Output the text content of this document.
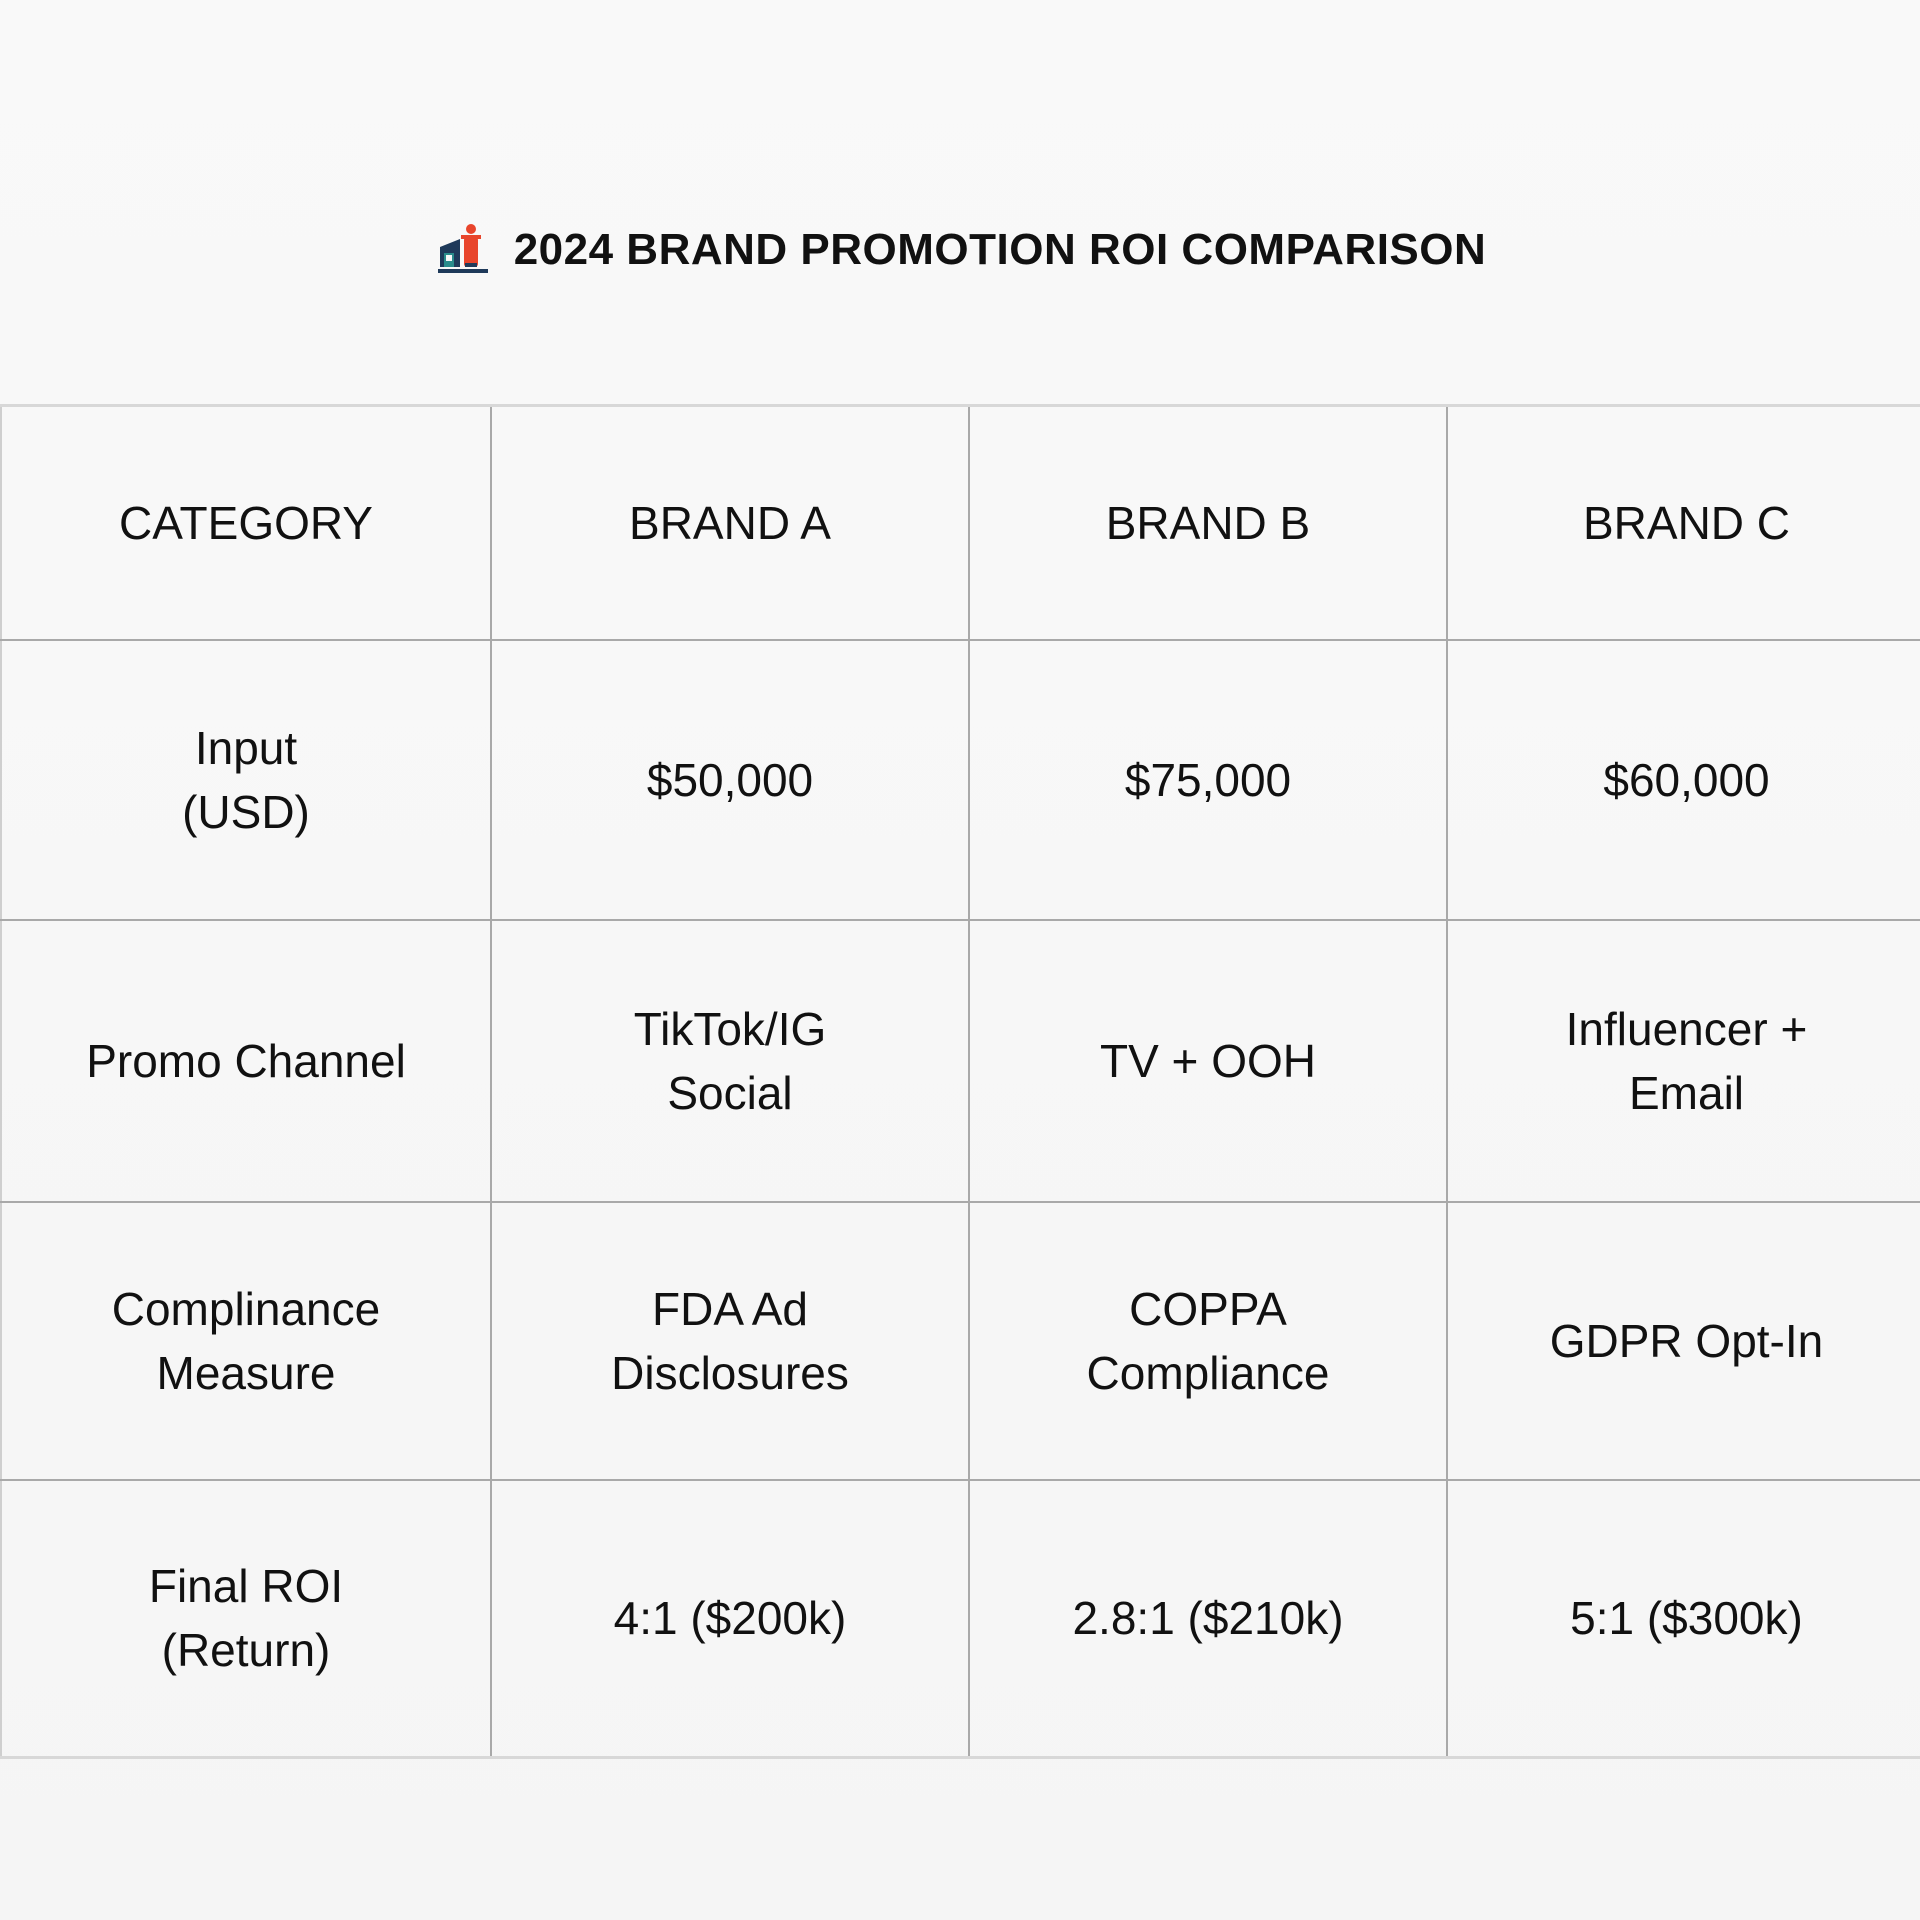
2024 BRAND PROMOTION ROI COMPARISON
CATEGORY	BRAND A	BRAND B	BRAND C
Input (USD)	$50,000	$75,000	$60,000
Promo Channel	TikTok/IG Social	TV + OOH	Influencer + Email
Complinance Measure	FDA Ad Disclosures	COPPA Compliance	GDPR Opt-In
Final ROI (Return)	4:1 ($200k)	2.8:1 ($210k)	5:1 ($300k)
